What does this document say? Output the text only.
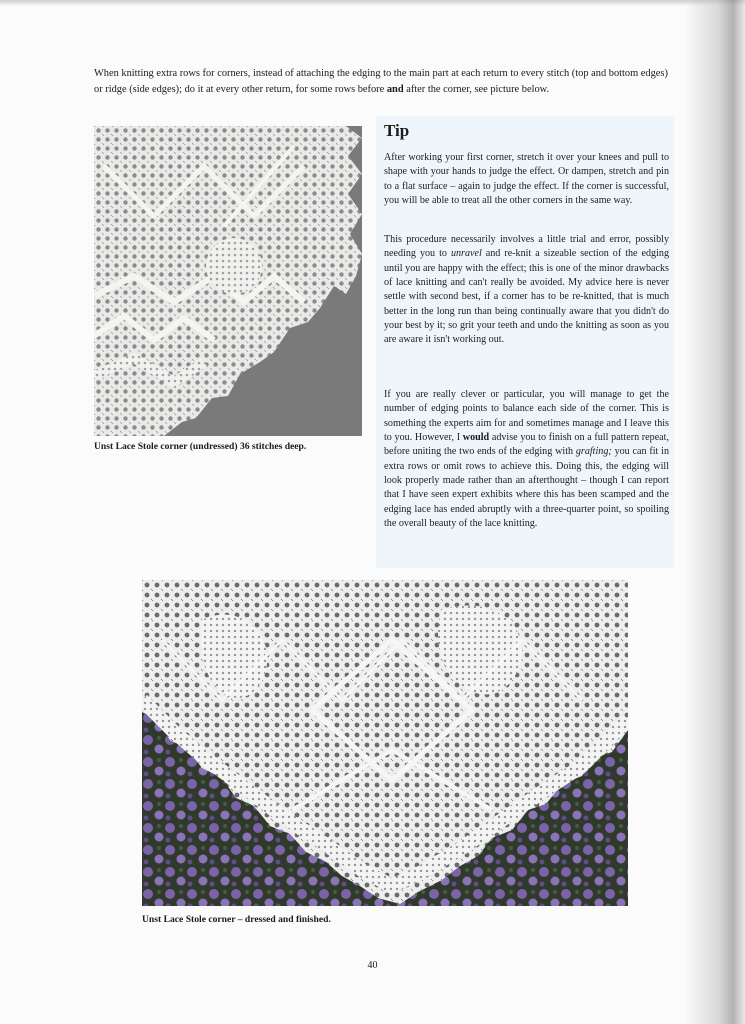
When knitting extra rows for corners, instead of attaching the edging to the main part at each return to every stitch (top and bottom edges) or ridge (side edges); do it at every other return, for some rows before and after the corner, see picture below.

Unst Lace Stole corner (undressed) 36 stitches deep.

Tip

After working your first corner, stretch it over your knees and pull to shape with your hands to judge the effect. Or dampen, stretch and pin to a flat surface – again to judge the effect. If the corner is successful, you will be able to treat all the other corners in the same way.

This procedure necessarily involves a little trial and error, possibly needing you to unravel and re-knit a sizeable section of the edging until you are happy with the effect; this is one of the minor drawbacks of lace knitting and can't really be avoided. My advice here is never settle with second best, if a corner has to be re-knitted, that is much better in the long run than being continually aware that you didn't do your best by it; so grit your teeth and undo the knitting as soon as you are aware it isn't working out.

If you are really clever or particular, you will manage to get the number of edging points to balance each side of the corner. This is something the experts aim for and sometimes manage and I leave this to you. However, I would advise you to finish on a full pattern repeat, before uniting the two ends of the edging with grafting; you can fit in extra rows or omit rows to achieve this. Doing this, the edging will look properly made rather than an afterthought – though I can report that I have seen expert exhibits where this has been scamped and the edging lace has ended abruptly with a three-quarter point, so spoiling the overall beauty of the lace knitting.

Unst Lace Stole corner – dressed and finished.

40
